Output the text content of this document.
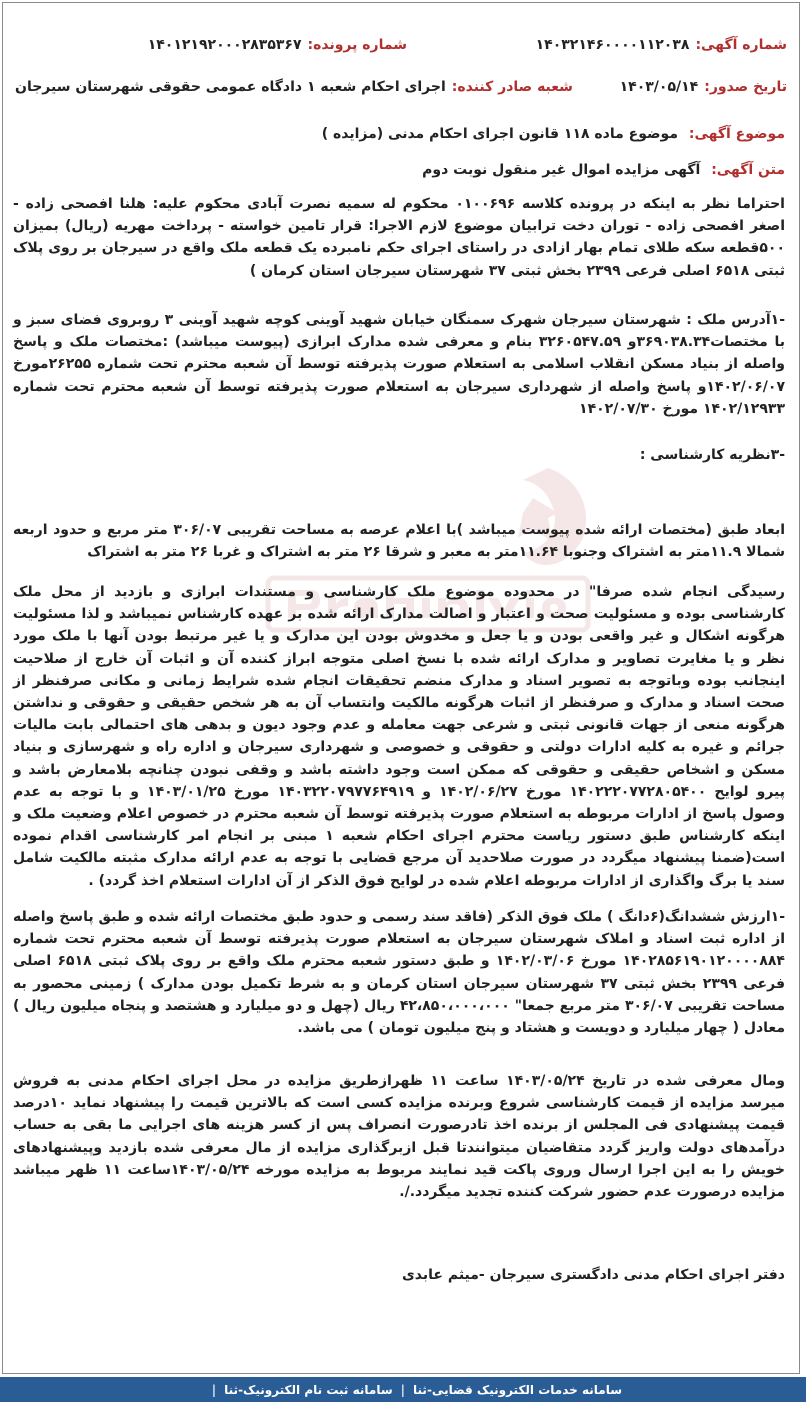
شماره آگهی:
۱۴۰۳۲۱۴۶۰۰۰۰۱۱۲۰۳۸
شماره پرونده:
۱۴۰۱۲۱۹۲۰۰۰۲۸۳۵۳۶۷
تاریخ صدور:
۱۴۰۳/۰۵/۱۴
شعبه صادر کننده:
اجرای احکام شعبه ۱ دادگاه عمومی حقوقی شهرستان سیرجان
موضوع آگهی: موضوع ماده ۱۱۸ قانون اجرای احکام مدنی (مزایده )
متن آگهی: آگهی مزایده اموال غیر منقول نوبت دوم
احتراما نظر به اینکه در پرونده کلاسه ۰۱۰۰۶۹۶ محکوم له سمیه نصرت آبادی محکوم علیه: هلنا افصحی زاده - اصغر افصحی زاده - توران دخت ترابیان موضوع لازم الاجرا: قرار تامین خواسته - پرداخت مهریه (ریال) بمیزان ۵۰۰قطعه سکه طلای تمام بهار ازادی در راستای اجرای حکم نامبرده یک قطعه ملک واقع در سیرجان بر روی پلاک ثبتی ۶۵۱۸ اصلی فرعی ۲۳۹۹ بخش ثبتی ۳۷ شهرستان سیرجان استان کرمان )
-۱آدرس ملک : شهرستان سیرجان شهرک سمنگان خیابان شهید آوینی کوچه شهید آوینی ۳ روبروی فضای سبز و با مختصات۳۶۹۰۳۸.۳۴و ۳۲۶۰۵۴۷.۵۹ بنام و معرفی شده مدارک ابرازی (پیوست میباشد) :مختصات ملک و پاسخ واصله از بنیاد مسکن انقلاب اسلامی به استعلام صورت پذیرفته توسط آن شعبه محترم تحت شماره ۲۶۲۵۵مورخ ۱۴۰۲/۰۶/۰۷و پاسخ واصله از شهرداری سیرجان به استعلام صورت پذیرفته توسط آن شعبه محترم تحت شماره ۱۴۰۲/۱۲۹۳۳ مورخ ۱۴۰۲/۰۷/۳۰
-۳نظریه کارشناسی :
ابعاد طبق (مختصات ارائه شده پیوست میباشد )با اعلام عرصه به مساحت تقریبی ۳۰۶/۰۷ متر مربع و حدود اربعه شمالا ۱۱.۹متر به اشتراک وجنوبا ۱۱.۶۴متر به معبر و شرقا ۲۶ متر به اشتراک و غربا ۲۶ متر به اشتراک
رسیدگی انجام شده صرفا" در محدوده موضوع ملک کارشناسی و مستندات ابرازی و بازدید از محل ملک کارشناسی بوده و مسئولیت صحت و اعتبار و اصالت مدارک ارائه شده بر عهده کارشناس نمیباشد و لذا مسئولیت هرگونه اشکال و غیر واقعی بودن و یا جعل و مخدوش بودن این مدارک و یا غیر مرتبط بودن آنها با ملک مورد نظر و یا مغایرت تصاویر و مدارک ارائه شده با نسخ اصلی متوجه ابراز کننده آن و اثبات آن خارج از صلاحیت اینجانب بوده وباتوجه به تصویر اسناد و مدارک منضم تحقیقات انجام شده شرایط زمانی و مکانی صرفنظر از صحت اسناد و مدارک و صرفنظر از اثبات هرگونه مالکیت وانتساب آن به هر شخص حقیقی و حقوقی و نداشتن هرگونه منعی از جهات قانونی ثبتی و شرعی جهت معامله و عدم وجود دیون و بدهی های احتمالی بابت مالیات جرائم و غیره به کلیه ادارات دولتی و حقوقی و خصوصی و شهرداری سیرجان و اداره راه و شهرسازی و بنیاد مسکن و اشخاص حقیقی و حقوقی که ممکن است وجود داشته باشد و وقفی نبودن چنانچه بلامعارض باشد و پیرو لوایح ۱۴۰۲۲۲۰۷۷۲۸۰۵۴۰۰ مورخ ۱۴۰۲/۰۶/۲۷ و ۱۴۰۳۲۲۰۷۹۷۷۶۴۹۱۹ مورخ ۱۴۰۳/۰۱/۲۵ و با توجه به عدم وصول پاسخ از ادارات مربوطه به استعلام صورت پذیرفته توسط آن شعبه محترم در خصوص اعلام وضعیت ملک و اینکه کارشناس طبق دستور ریاست محترم اجرای احکام شعبه ۱ مبنی بر انجام امر کارشناسی اقدام نموده است(ضمنا پیشنهاد میگردد در صورت صلاحدید آن مرجع قضایی با توجه به عدم ارائه مدارک مثبته مالکیت شامل سند یا برگ واگذاری از ادارات مربوطه اعلام شده در لوایح فوق الذکر از آن ادارات استعلام اخذ گردد) .
-۱ارزش ششدانگ(۶دانگ ) ملک فوق الذکر (فاقد سند رسمی و حدود طبق مختصات ارائه شده و طبق پاسخ واصله از اداره ثبت اسناد و املاک شهرستان سیرجان به استعلام صورت پذیرفته توسط آن شعبه محترم تحت شماره ۱۴۰۲۸۵۶۱۹۰۱۲۰۰۰۰۸۸۴ مورخ ۱۴۰۲/۰۳/۰۶ و طبق دستور شعبه محترم ملک واقع بر روی پلاک ثبتی ۶۵۱۸ اصلی فرعی ۲۳۹۹ بخش ثبتی ۳۷ شهرستان سیرجان استان کرمان و به شرط تکمیل بودن مدارک ) زمینی محصور به مساحت تقریبی ۳۰۶/۰۷ متر مربع جمعا" ۴۲،۸۵۰،۰۰۰،۰۰۰ ریال (چهل و دو میلیارد و هشتصد و پنجاه میلیون ریال ) معادل ( چهار میلیارد و دویست و هشتاد و پنج میلیون تومان ) می باشد.
ومال معرفی شده در تاریخ ۱۴۰۳/۰۵/۲۴ ساعت ۱۱ ظهرازطریق مزایده در محل اجرای احکام مدنی به فروش میرسد مزایده از قیمت کارشناسی شروع وبرنده مزایده کسی است که بالاترین قیمت را پیشنهاد نماید ۱۰درصد قیمت پیشنهادی فی المجلس از برنده اخذ تادرصورت انصراف پس از کسر هزینه های اجرایی ما بقی به حساب درآمدهای دولت واریز گردد متقاضیان میتوانندتا قبل ازبرگذاری مزایده از مال معرفی شده بازدید وپیشنهادهای خویش را به این اجرا ارسال وروی پاکت قید نمایند مربوط به مزایده مورخه ۱۴۰۳/۰۵/۲۴ساعت ۱۱ ظهر میباشد مزایده درصورت عدم حضور شرکت کننده تجدید میگردد./.
دفتر اجرای احکام مدنی دادگستری سیرجان -میثم عابدی
سامانه خدمات الکترونیک قضایی-ثنا
|
سامانه ثبت نام الکترونیک-ثنا
|
